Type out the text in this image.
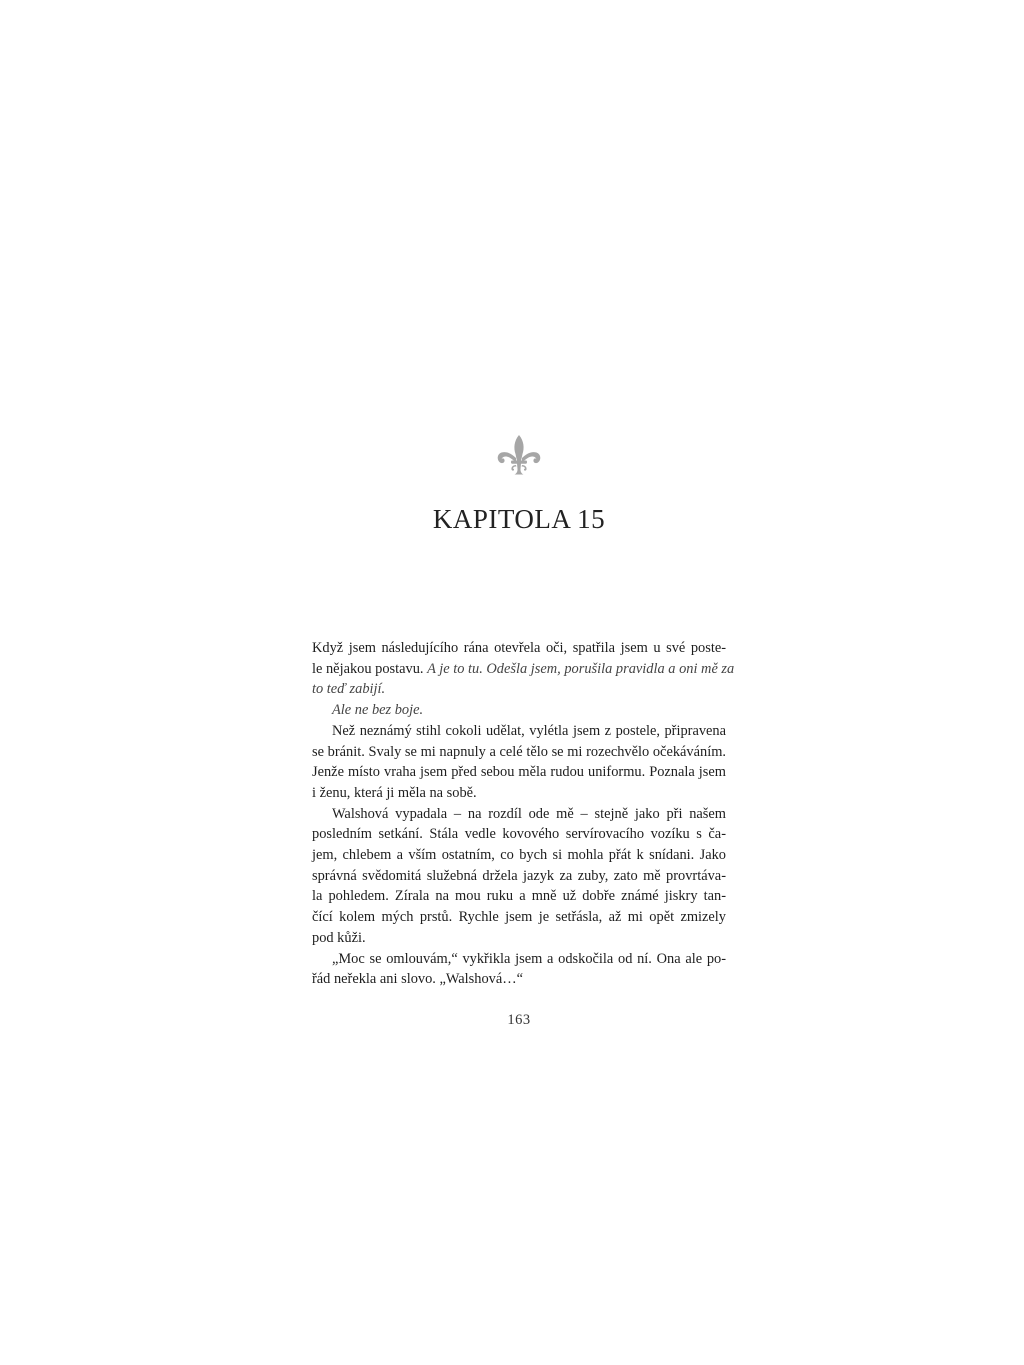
KAPITOLA 15
Když jsem následujícího rána otevřela oči, spatřila jsem u své poste-
le nějakou postavu. A je to tu. Odešla jsem, porušila pravidla a oni mě za
to teď zabijí.
Ale ne bez boje.
Než neznámý stihl cokoli udělat, vylétla jsem z postele, připravena
se bránit. Svaly se mi napnuly a celé tělo se mi rozechvělo očekáváním.
Jenže místo vraha jsem před sebou měla rudou uniformu. Poznala jsem
i ženu, která ji měla na sobě.
Walshová vypadala – na rozdíl ode mě – stejně jako při našem
posledním setkání. Stála vedle kovového servírovacího vozíku s ča-
jem, chlebem a vším ostatním, co bych si mohla přát k snídani. Jako
správná svědomitá služebná držela jazyk za zuby, zato mě provrtáva-
la pohledem. Zírala na mou ruku a mně už dobře známé jiskry tan-
čící kolem mých prstů. Rychle jsem je setřásla, až mi opět zmizely
pod kůži.
„Moc se omlouvám,“ vykřikla jsem a odskočila od ní. Ona ale po-
řád neřekla ani slovo. „Walshová…“
163
